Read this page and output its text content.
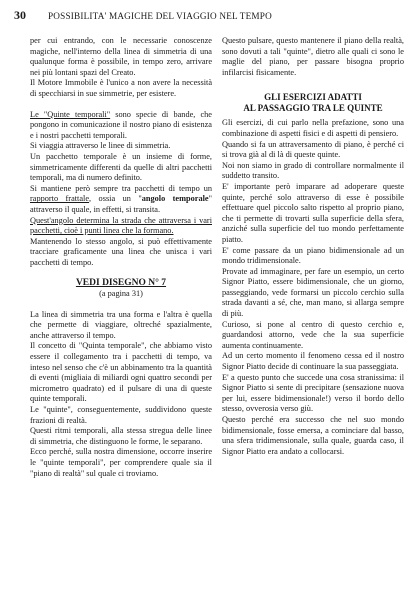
30	POSSIBILITA' MAGICHE DEL VIAGGIO NEL TEMPO

per cui entrando, con le necessarie conoscenze magiche, nell'interno della linea di simmetria di una qualunque forma è possibile, in tempo zero, arrivare nei più lontani spazi del Creato.

Il Motore Immobile è l'unico a non avere la necessità di specchiarsi in sue simmetrie, per esistere.

Le "Quinte temporali" sono specie di bande, che pongono in comunicazione il nostro piano di esistenza e i nostri pacchetti temporali.

Si viaggia attraverso le linee di simmetria.

Un pacchetto temporale è un insieme di forme, simmetricamente differenti da quelle di altri pacchetti temporali, ma di numero definito.

Si mantiene però sempre tra pacchetti di tempo un rapporto frattale, ossia un "angolo temporale" attraverso il quale, in effetti, si transita.

Quest'angolo determina la strada che attraversa i vari pacchetti, cioè i punti linea che la formano.

Mantenendo lo stesso angolo, si può effettivamente tracciare graficamente una linea che unisca i vari pacchetti di tempo.

VEDI DISEGNO N° 7

(a pagina 31)

La linea di simmetria tra una forma e l'altra è quella che permette di viaggiare, oltreché spazialmente, anche attraverso il tempo.

Il concetto di "Quinta temporale", che abbiamo visto essere il collegamento tra i pacchetti di tempo, va inteso nel senso che c'è un abbinamento tra la quantità di eventi (migliaia di miliardi ogni quattro secondi per micrometro quadrato) ed il pulsare di una di queste quinte temporali.

Le "quinte", conseguentemente, suddividono queste frazioni di realtà.

Questi ritmi temporali, alla stessa stregua delle linee di simmetria, che distinguono le forme, le separano.

Ecco perché, sulla nostra dimensione, occorre inserire le "quinte temporali", per comprendere quale sia il "piano di realtà" sul quale ci troviamo.

Questo pulsare, questo mantenere il piano della realtà, sono dovuti a tali "quinte", dietro alle quali ci sono le maglie del piano, per passare bisogna proprio infilarcisi fisicamente.

GLI ESERCIZI ADATTI
AL PASSAGGIO TRA LE QUINTE

Gli esercizi, di cui parlo nella prefazione, sono una combinazione di aspetti fisici e di aspetti di pensiero.

Quando si fa un attraversamento di piano, è perché ci si trova già al di là di queste quinte.

Noi non siamo in grado di controllare normalmente il suddetto transito.

E' importante però imparare ad adoperare queste quinte, perché solo attraverso di esse è possibile effettuare quel piccolo salto rispetto al proprio piano, che ti permette di trovarti sulla superficie della sfera, anziché sulla superficie del tuo mondo perfettamente piatto.

E' come passare da un piano bidimensionale ad un mondo tridimensionale.

Provate ad immaginare, per fare un esempio, un certo Signor Piatto, essere bidimensionale, che un giorno, passeggiando, vede formarsi un piccolo cerchio sulla strada davanti a sé, che, man mano, si allarga sempre di più.

Curioso, si pone al centro di questo cerchio e, guardandosi attorno, vede che la sua superficie aumenta continuamente.

Ad un certo momento il fenomeno cessa ed il nostro Signor Piatto decide di continuare la sua passeggiata.

E' a questo punto che succede una cosa stranissima: il Signor Piatto si sente di precipitare (sensazione nuova per lui, essere bidimensionale!) verso il bordo dello stesso, ovverosia verso giù.

Questo perché era successo che nel suo mondo bidimensionale, fosse emersa, a cominciare dal basso, una sfera tridimensionale, sulla quale, guarda caso, il Signor Piatto era andato a collocarsi.
